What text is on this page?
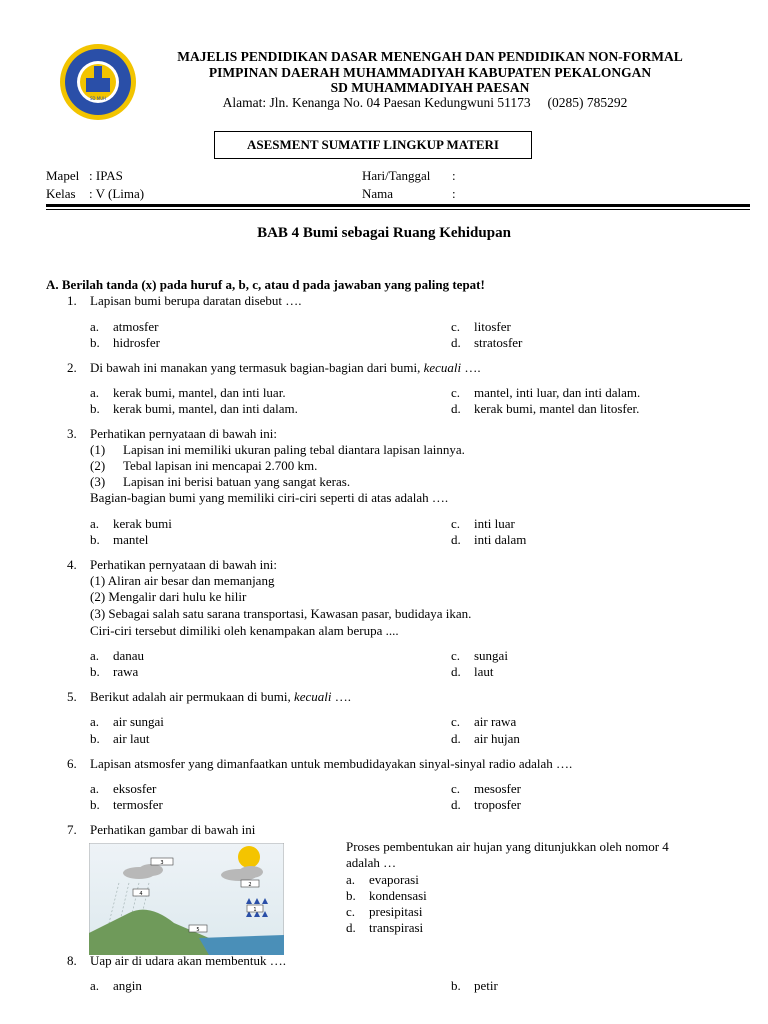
SD MUH
MAJELIS PENDIDIKAN DASAR MENENGAH DAN PENDIDIKAN NON-FORMAL
PIMPINAN DAERAH MUHAMMADIYAH KABUPATEN PEKALONGAN
SD MUHAMMADIYAH PAESAN
Alamat: Jln. Kenanga No. 04 Paesan Kedungwuni 51173 (0285) 785292
ASESMENT SUMATIF LINGKUP MATERI
Mapel : IPAS
Kelas : V (Lima)
Hari/Tanggal :
Nama	:
BAB 4 Bumi sebagai Ruang Kehidupan
A. Berilah tanda (x) pada huruf a, b, c, atau d pada jawaban yang paling tepat!
1. Lapisan bumi berupa daratan disebut ….
a. atmosfer
b. hidrosfer
c. litosfer
d. stratosfer
2. Di bawah ini manakan yang termasuk bagian-bagian dari bumi, kecuali ….
a. kerak bumi, mantel, dan inti luar.
b. kerak bumi, mantel, dan inti dalam.
c. mantel, inti luar, dan inti dalam.
d. kerak bumi, mantel dan litosfer.
3. Perhatikan pernyataan di bawah ini:
(1) Lapisan ini memiliki ukuran paling tebal diantara lapisan lainnya.
(2) Tebal lapisan ini mencapai 2.700 km.
(3) Lapisan ini berisi batuan yang sangat keras.
Bagian-bagian bumi yang memiliki ciri-ciri seperti di atas adalah ….
a. kerak bumi
b. mantel
c. inti luar
d. inti dalam
4. Perhatikan pernyataan di bawah ini:
(1) Aliran air besar dan memanjang
(2) Mengalir dari hulu ke hilir
(3) Sebagai salah satu sarana transportasi, Kawasan pasar, budidaya ikan.
Ciri-ciri tersebut dimiliki oleh kenampakan alam berupa ....
a. danau
b. rawa
c. sungai
d. laut
5. Berikut adalah air permukaan di bumi, kecuali ….
a. air sungai
b. air laut
c. air rawa
d. air hujan
6. Lapisan atsmosfer yang dimanfaatkan untuk membudidayakan sinyal-sinyal radio adalah ….
a. eksosfer
b. termosfer
c. mesosfer
d. troposfer
7. Perhatikan gambar di bawah ini
3
4
2
1
5
Proses pembentukan air hujan yang ditunjukkan oleh nomor 4
adalah …
a. evaporasi
b. kondensasi
c. presipitasi
d. transpirasi
8. Uap air di udara akan membentuk ….
a. angin	b. petir
